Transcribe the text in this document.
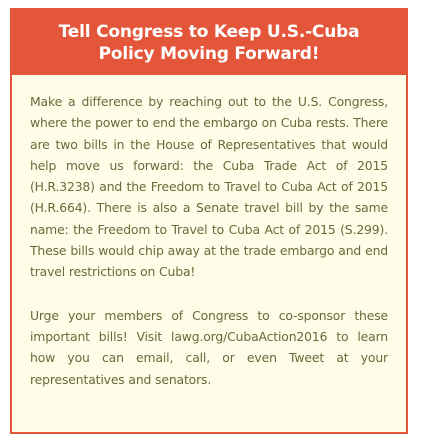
Tell Congress to Keep U.S.-Cuba Policy Moving Forward!

Make a difference by reaching out to the U.S. Congress, where the power to end the embargo on Cuba rests. There are two bills in the House of Representatives that would help move us forward: the Cuba Trade Act of 2015 (H.R.3238) and the Freedom to Travel to Cuba Act of 2015 (H.R.664). There is also a Senate travel bill by the same name: the Freedom to Travel to Cuba Act of 2015 (S.299). These bills would chip away at the trade embargo and end travel restrictions on Cuba!

Urge your members of Congress to co-sponsor these important bills! Visit lawg.org/CubaAction2016 to learn how you can email, call, or even Tweet at your representatives and senators.
